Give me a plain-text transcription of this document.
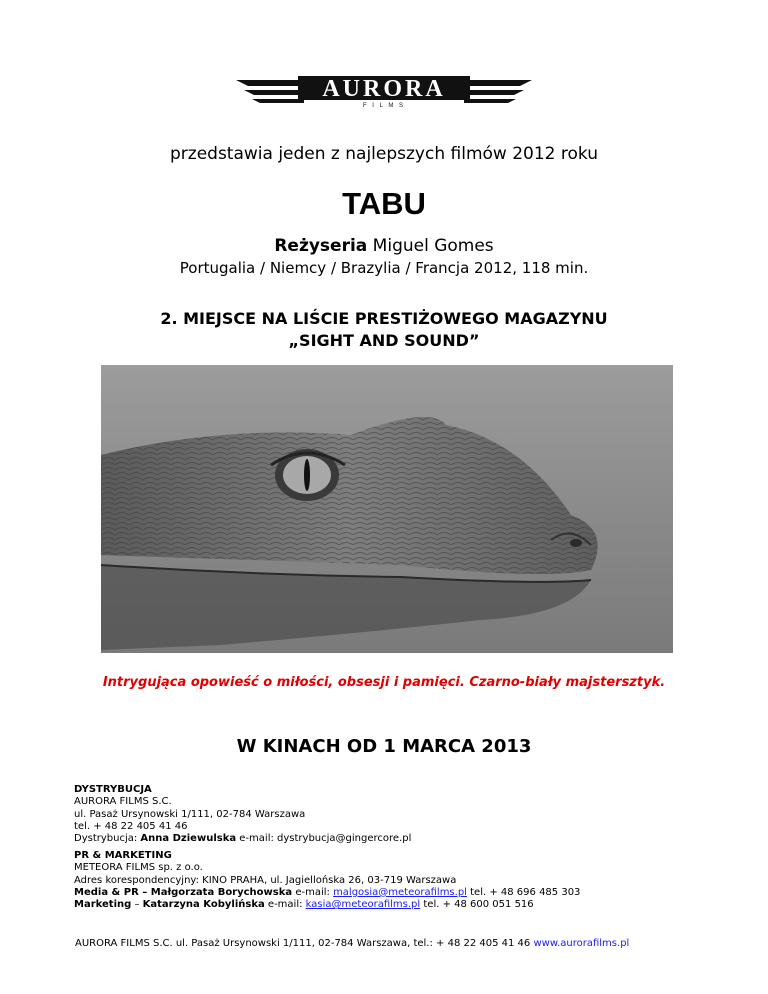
AURORA
F I L M S
przedstawia jeden z najlepszych filmów 2012 roku
TABU
Reżyseria Miguel Gomes
Portugalia / Niemcy / Brazylia / Francja 2012, 118 min.
2. MIEJSCE NA LIŚCIE PRESTIŻOWEGO MAGAZYNU
„SIGHT AND SOUND”
Intrygująca opowieść o miłości, obsesji i pamięci. Czarno-biały majstersztyk.
W KINACH OD 1 MARCA 2013
DYSTRYBUCJA
AURORA FILMS S.C.
ul. Pasaż Ursynowski 1/111, 02-784 Warszawa
tel. + 48 22 405 41 46
Dystrybucja: Anna Dziewulska e-mail: dystrybucja@gingercore.pl
PR & MARKETING
METEORA FILMS sp. z o.o.
Adres korespondencyjny: KINO PRAHA, ul. Jagiellońska 26, 03-719 Warszawa
Media & PR – Małgorzata Borychowska e-mail: malgosia@meteorafilms.pl tel. + 48 696 485 303
Marketing – Katarzyna Kobylińska e-mail: kasia@meteorafilms.pl tel. + 48 600 051 516
AURORA FILMS S.C. ul. Pasaż Ursynowski 1/111, 02-784 Warszawa, tel.: + 48 22 405 41 46 www.aurorafilms.pl
